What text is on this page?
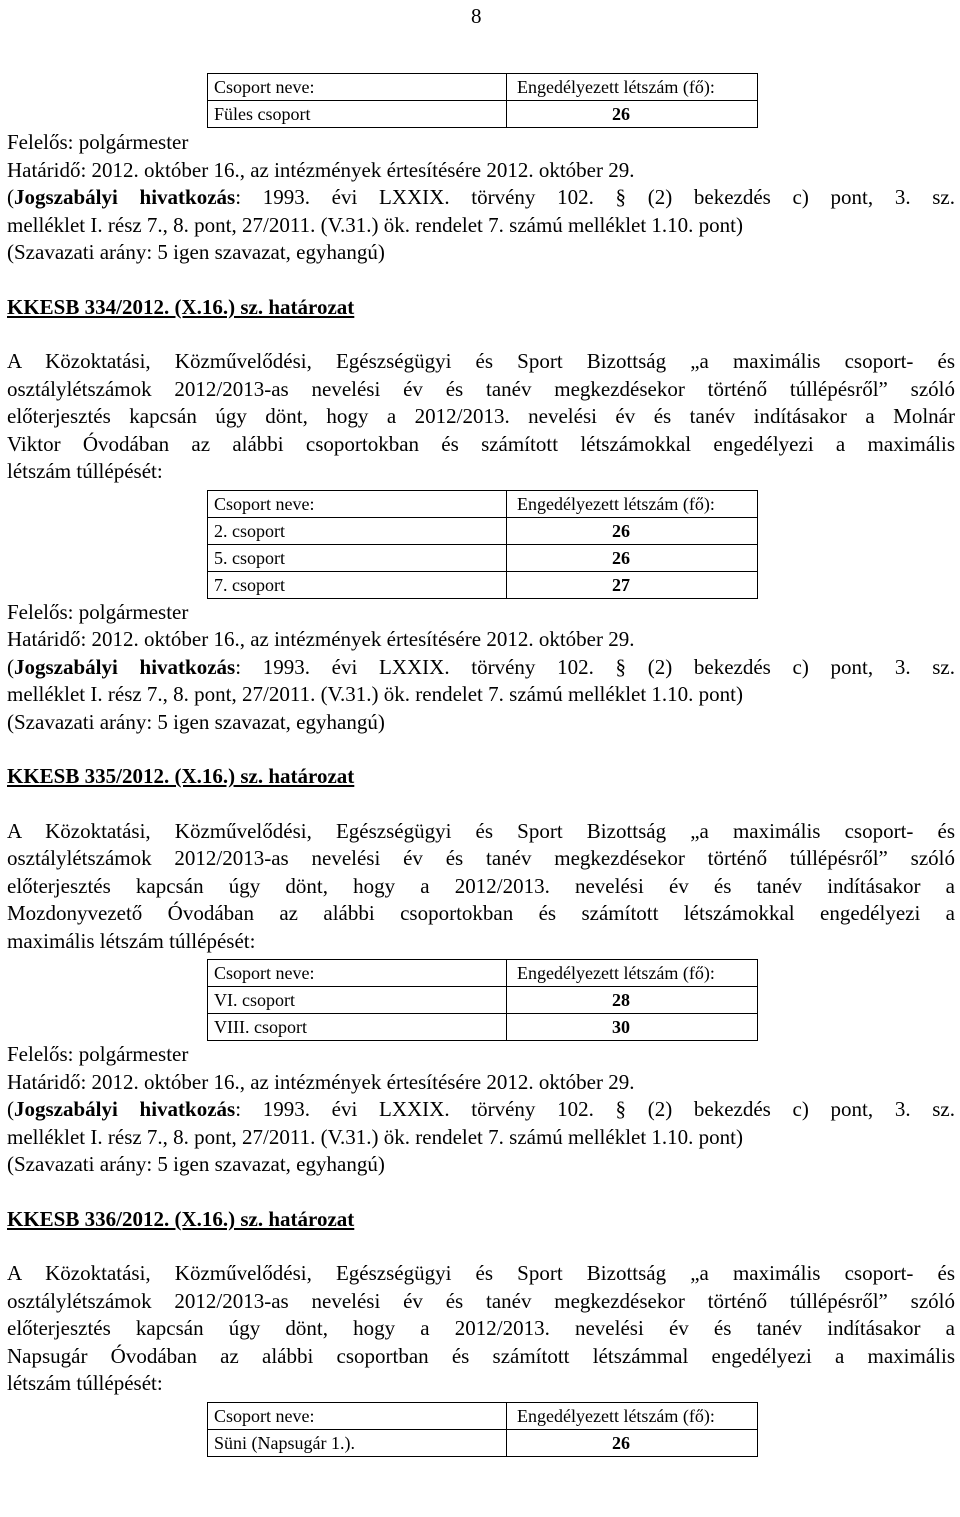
8
Csoport neve:	Engedélyezett létszám (fő):
Füles csoport	26
Felelős: polgármester
Határidő: 2012. október 16., az intézmények értesítésére 2012. október 29.
(Jogszabályi hivatkozás: 1993. évi LXXIX. törvény 102. § (2) bekezdés c) pont, 3. sz.
melléklet I. rész 7., 8. pont, 27/2011. (V.31.) ök. rendelet 7. számú melléklet 1.10. pont)
(Szavazati arány: 5 igen szavazat, egyhangú)
KKESB 334/2012. (X.16.) sz. határozat
A Közoktatási, Közművelődési, Egészségügyi és Sport Bizottság „a maximális csoport- és
osztálylétszámok 2012/2013-as nevelési év és tanév megkezdésekor történő túllépésről” szóló
előterjesztés kapcsán úgy dönt, hogy a 2012/2013. nevelési év és tanév indításakor a Molnár
Viktor Óvodában az alábbi csoportokban és számított létszámokkal engedélyezi a maximális
létszám túllépését:
Csoport neve:	Engedélyezett létszám (fő):
2. csoport	26
5. csoport	26
7. csoport	27
Felelős: polgármester
Határidő: 2012. október 16., az intézmények értesítésére 2012. október 29.
(Jogszabályi hivatkozás: 1993. évi LXXIX. törvény 102. § (2) bekezdés c) pont, 3. sz.
melléklet I. rész 7., 8. pont, 27/2011. (V.31.) ök. rendelet 7. számú melléklet 1.10. pont)
(Szavazati arány: 5 igen szavazat, egyhangú)
KKESB 335/2012. (X.16.) sz. határozat
A Közoktatási, Közművelődési, Egészségügyi és Sport Bizottság „a maximális csoport- és
osztálylétszámok 2012/2013-as nevelési év és tanév megkezdésekor történő túllépésről” szóló
előterjesztés kapcsán úgy dönt, hogy a 2012/2013. nevelési év és tanév indításakor a
Mozdonyvezető Óvodában az alábbi csoportokban és számított létszámokkal engedélyezi a
maximális létszám túllépését:
Csoport neve:	Engedélyezett létszám (fő):
VI. csoport	28
VIII. csoport	30
Felelős: polgármester
Határidő: 2012. október 16., az intézmények értesítésére 2012. október 29.
(Jogszabályi hivatkozás: 1993. évi LXXIX. törvény 102. § (2) bekezdés c) pont, 3. sz.
melléklet I. rész 7., 8. pont, 27/2011. (V.31.) ök. rendelet 7. számú melléklet 1.10. pont)
(Szavazati arány: 5 igen szavazat, egyhangú)
KKESB 336/2012. (X.16.) sz. határozat
A Közoktatási, Közművelődési, Egészségügyi és Sport Bizottság „a maximális csoport- és
osztálylétszámok 2012/2013-as nevelési év és tanév megkezdésekor történő túllépésről” szóló
előterjesztés kapcsán úgy dönt, hogy a 2012/2013. nevelési év és tanév indításakor a
Napsugár Óvodában az alábbi csoportban és számított létszámmal engedélyezi a maximális
létszám túllépését:
Csoport neve:	Engedélyezett létszám (fő):
Süni (Napsugár 1.).	26
